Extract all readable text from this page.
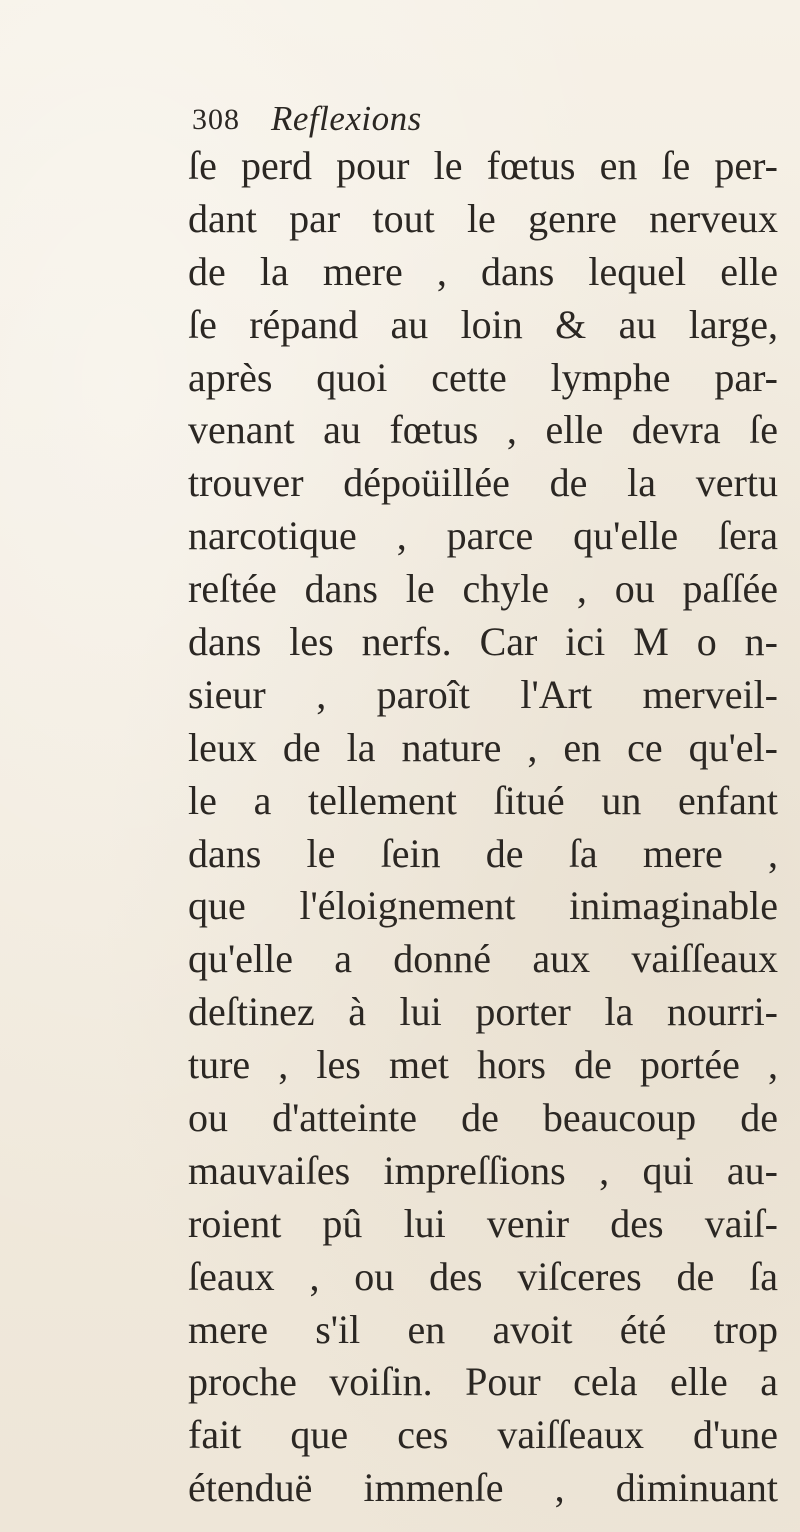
308 Reflexions
ſe perd pour le fœtus en ſe per-
dant par tout le genre nerveux
de la mere , dans lequel elle
ſe répand au loin & au large,
après quoi cette lymphe par-
venant au fœtus , elle devra ſe
trouver dépoüillée de la vertu
narcotique , parce qu'elle ſera
reſtée dans le chyle , ou paſſée
dans les nerfs. Car ici M o n-
sieur , paroît l'Art merveil-
leux de la nature , en ce qu'el-
le a tellement ſitué un enfant
dans le ſein de ſa mere ,
que l'éloignement inimaginable
qu'elle a donné aux vaiſſeaux
deſtinez à lui porter la nourri-
ture , les met hors de portée ,
ou d'atteinte de beaucoup de
mauvaiſes impreſſions , qui au-
roient pû lui venir des vaiſ-
ſeaux , ou des viſceres de ſa
mere s'il en avoit été trop
proche voiſin. Pour cela elle a
fait que ces vaiſſeaux d'une
étenduë immenſe , diminuant
